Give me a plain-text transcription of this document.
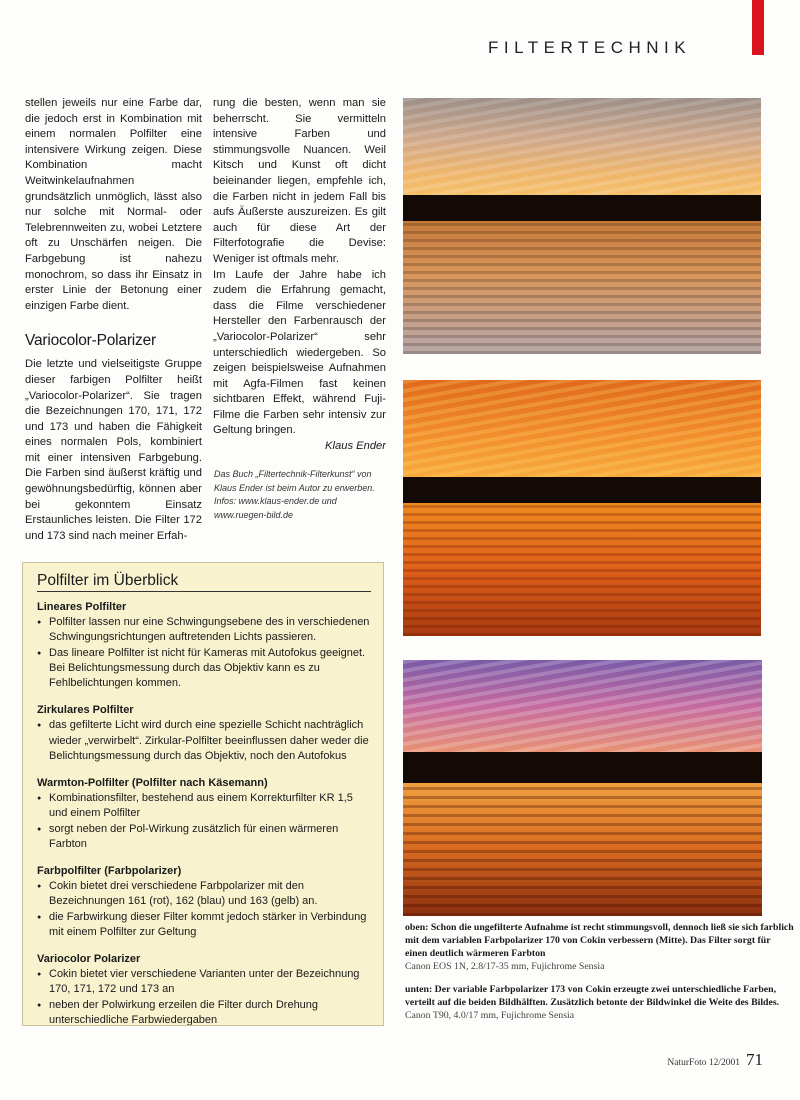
FILTERTECHNIK

stellen jeweils nur eine Farbe dar, die jedoch erst in Kombination mit einem normalen Polfilter eine intensivere Wirkung zeigen. Diese Kombination macht Weitwinkelaufnahmen grundsätzlich unmöglich, lässt also nur solche mit Normal- oder Telebrennweiten zu, wobei Letztere oft zu Unschärfen neigen. Die Farbgebung ist nahezu monochrom, so dass ihr Einsatz in erster Linie der Betonung einer einzigen Farbe dient.

Variocolor-Polarizer

Die letzte und vielseitigste Gruppe dieser farbigen Polfilter heißt „Variocolor-Polarizer“. Sie tragen die Bezeichnungen 170, 171, 172 und 173 und haben die Fähigkeit eines normalen Pols, kombiniert mit einer intensiven Farbgebung. Die Farben sind äußerst kräftig und gewöhnungsbedürftig, können aber bei gekonntem Einsatz Erstaunliches leisten. Die Filter 172 und 173 sind nach meiner Erfah-

rung die besten, wenn man sie beherrscht. Sie vermitteln intensive Farben und stimmungsvolle Nuancen. Weil Kitsch und Kunst oft dicht beieinander liegen, empfehle ich, die Farben nicht in jedem Fall bis aufs Äußerste auszureizen. Es gilt auch für diese Art der Filterfotografie die Devise: Weniger ist oftmals mehr.

Im Laufe der Jahre habe ich zudem die Erfahrung gemacht, dass die Filme verschiedener Hersteller den Farbenrausch der „Variocolor-Polarizer“ sehr unterschiedlich wiedergeben. So zeigen beispielsweise Aufnahmen mit Agfa-Filmen fast keinen sichtbaren Effekt, während Fuji-Filme die Farben sehr intensiv zur Geltung bringen.

Klaus Ender

Das Buch „Filtertechnik-Filterkunst“ von Klaus Ender ist beim Autor zu erwerben. Infos: www.klaus-ender.de und www.ruegen-bild.de
Polfilter im Überblick
Lineares Polfilter
● Polfilter lassen nur eine Schwingungsebene des in verschiedenen Schwingungsrichtungen auftretenden Lichts passieren.
● Das lineare Polfilter ist nicht für Kameras mit Autofokus geeignet. Bei Belichtungsmessung durch das Objektiv kann es zu Fehlbelichtungen kommen.
Zirkulares Polfilter
● das gefilterte Licht wird durch eine spezielle Schicht nachträglich wieder „verwirbelt“. Zirkular-Polfilter beeinflussen daher weder die Belichtungsmessung durch das Objektiv, noch den Autofokus
Warmton-Polfilter (Polfilter nach Käsemann)
● Kombinationsfilter, bestehend aus einem Korrekturfilter KR 1,5 und einem Polfilter
● sorgt neben der Pol-Wirkung zusätzlich für einen wärmeren Farbton
Farbpolfilter (Farbpolarizer)
● Cokin bietet drei verschiedene Farbpolarizer mit den Bezeichnungen 161 (rot), 162 (blau) und 163 (gelb) an.
● die Farbwirkung dieser Filter kommt jedoch stärker in Verbindung mit einem Polfilter zur Geltung
Variocolor Polarizer
● Cokin bietet vier verschiedene Varianten unter der Bezeichnung 170, 171, 172 und 173 an
● neben der Polwirkung erzeilen die Filter durch Drehung unterschiedliche Farbwiedergaben
oben: Schon die ungefilterte Aufnahme ist recht stimmungsvoll, dennoch ließ sie sich farblich mit dem variablen Farbpolarizer 170 von Cokin verbessern (Mitte). Das Filter sorgt für einen deutlich wärmeren Farbton
Canon EOS 1N, 2.8/17-35 mm, Fujichrome Sensia
unten: Der variable Farbpolarizer 173 von Cokin erzeugte zwei unterschiedliche Farben, verteilt auf die beiden Bildhälften. Zusätzlich betonte der Bildwinkel die Weite des Bildes.
Canon T90, 4.0/17 mm, Fujichrome Sensia
NaturFoto 12/2001 71
